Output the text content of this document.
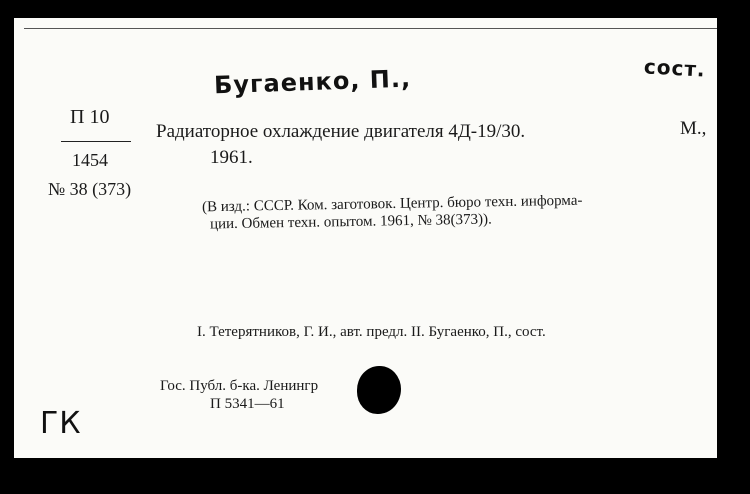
Бугаенко, П.,	сост.
П 10
1454
№ 38 (373)
Радиаторное охлаждение двигателя 4Д-19/30.	М.,
1961.
(В изд.: СССР. Ком. заготовок. Центр. бюро техн. информа-
ции. Обмен техн. опытом. 1961, № 38(373)).
I. Тетерятников, Г. И., авт. предл. II. Бугаенко, П., сост.
Гос. Публ. б-ка. Ленингр
П 5341—61
ГК
